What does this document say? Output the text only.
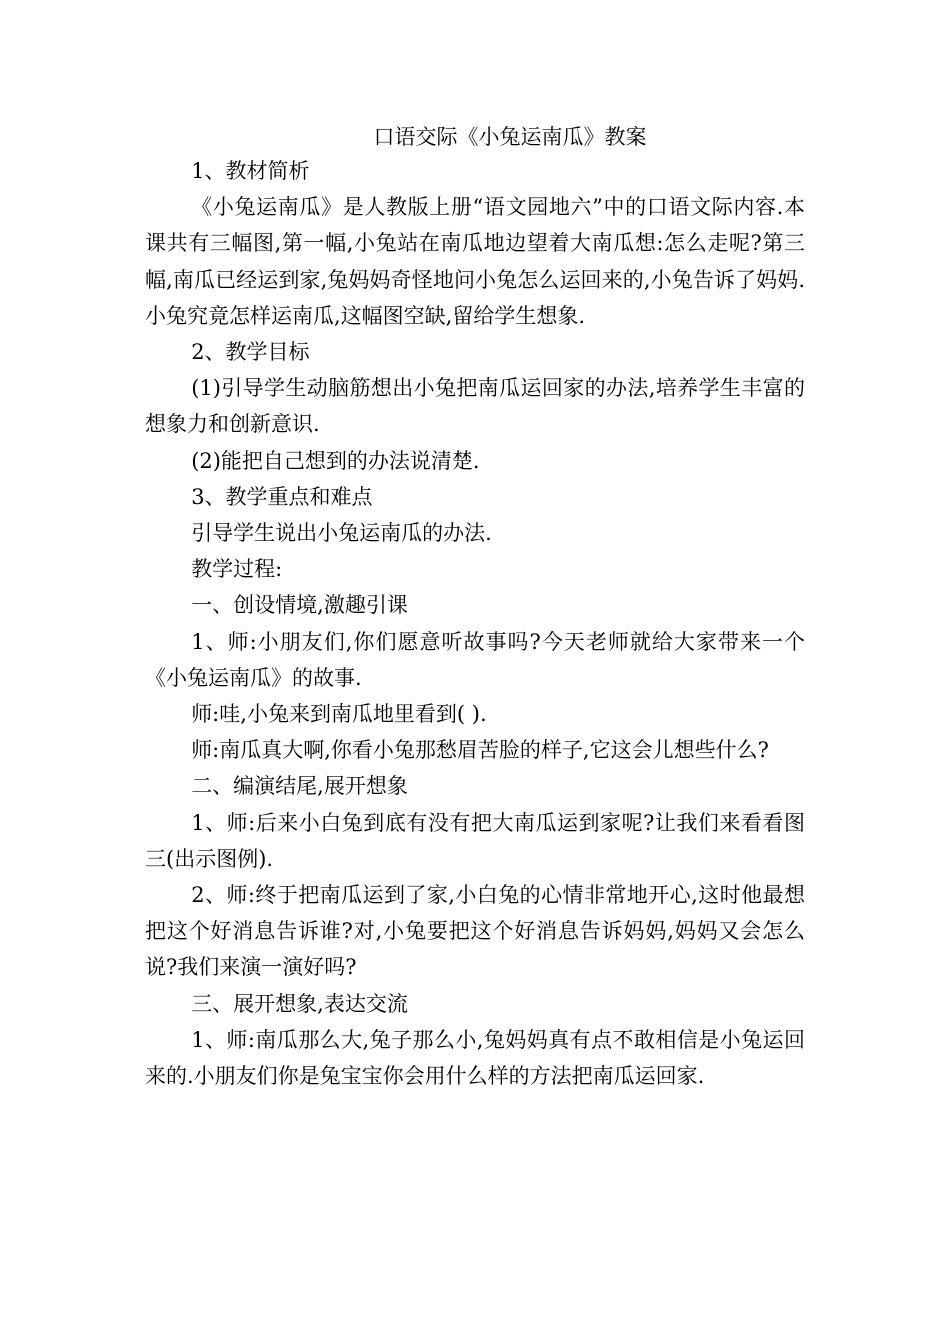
口语交际《小兔运南瓜》教案

1、教材简析

《小兔运南瓜》是人教版上册“语文园地六”中的口语文际内容.本课共有三幅图,第一幅,小兔站在南瓜地边望着大南瓜想:怎么走呢?第三幅,南瓜已经运到家,兔妈妈奇怪地问小兔怎么运回来的,小兔告诉了妈妈.小兔究竟怎样运南瓜,这幅图空缺,留给学生想象.

2、教学目标

(1)引导学生动脑筋想出小兔把南瓜运回家的办法,培养学生丰富的想象力和创新意识.

(2)能把自己想到的办法说清楚.

3、教学重点和难点

引导学生说出小兔运南瓜的办法.

教学过程:

一、创设情境,激趣引课

1、师:小朋友们,你们愿意听故事吗?今天老师就给大家带来一个《小兔运南瓜》的故事.

师:哇,小兔来到南瓜地里看到( ).

师:南瓜真大啊,你看小兔那愁眉苦脸的样子,它这会儿想些什么?

二、编演结尾,展开想象

1、师:后来小白兔到底有没有把大南瓜运到家呢?让我们来看看图三(出示图例).

2、师:终于把南瓜运到了家,小白兔的心情非常地开心,这时他最想把这个好消息告诉谁?对,小兔要把这个好消息告诉妈妈,妈妈又会怎么说?我们来演一演好吗?

三、展开想象,表达交流

1、师:南瓜那么大,兔子那么小,兔妈妈真有点不敢相信是小兔运回来的.小朋友们你是兔宝宝你会用什么样的方法把南瓜运回家.
